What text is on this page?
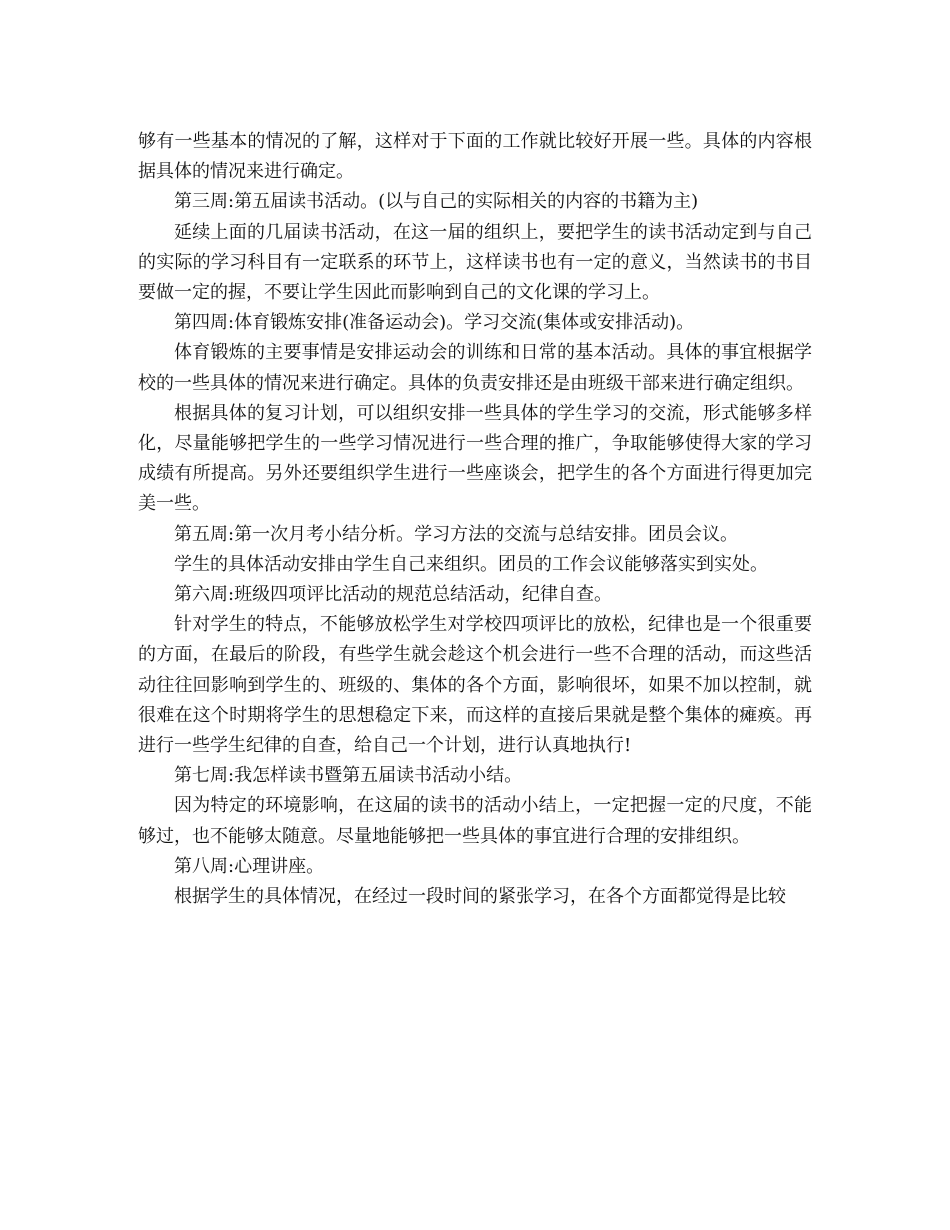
够有一些基本的情况的了解，这样对于下面的工作就比较好开展一些。具体的内容根据具体的情况来进行确定。

第三周:第五届读书活动。(以与自己的实际相关的内容的书籍为主)

延续上面的几届读书活动，在这一届的组织上，要把学生的读书活动定到与自己的实际的学习科目有一定联系的环节上，这样读书也有一定的意义，当然读书的书目要做一定的握，不要让学生因此而影响到自己的文化课的学习上。

第四周:体育锻炼安排(准备运动会)。学习交流(集体或安排活动)。

体育锻炼的主要事情是安排运动会的训练和日常的基本活动。具体的事宜根据学校的一些具体的情况来进行确定。具体的负责安排还是由班级干部来进行确定组织。

根据具体的复习计划，可以组织安排一些具体的学生学习的交流，形式能够多样化，尽量能够把学生的一些学习情况进行一些合理的推广，争取能够使得大家的学习成绩有所提高。另外还要组织学生进行一些座谈会，把学生的各个方面进行得更加完美一些。

第五周:第一次月考小结分析。学习方法的交流与总结安排。团员会议。

学生的具体活动安排由学生自己来组织。团员的工作会议能够落实到实处。

第六周:班级四项评比活动的规范总结活动，纪律自查。

针对学生的特点，不能够放松学生对学校四项评比的放松，纪律也是一个很重要的方面，在最后的阶段，有些学生就会趁这个机会进行一些不合理的活动，而这些活动往往回影响到学生的、班级的、集体的各个方面，影响很坏，如果不加以控制，就很难在这个时期将学生的思想稳定下来，而这样的直接后果就是整个集体的瘫痪。再进行一些学生纪律的自查，给自己一个计划，进行认真地执行!

第七周:我怎样读书暨第五届读书活动小结。

因为特定的环境影响，在这届的读书的活动小结上，一定把握一定的尺度，不能够过，也不能够太随意。尽量地能够把一些具体的事宜进行合理的安排组织。

第八周:心理讲座。

根据学生的具体情况，在经过一段时间的紧张学习，在各个方面都觉得是比较
